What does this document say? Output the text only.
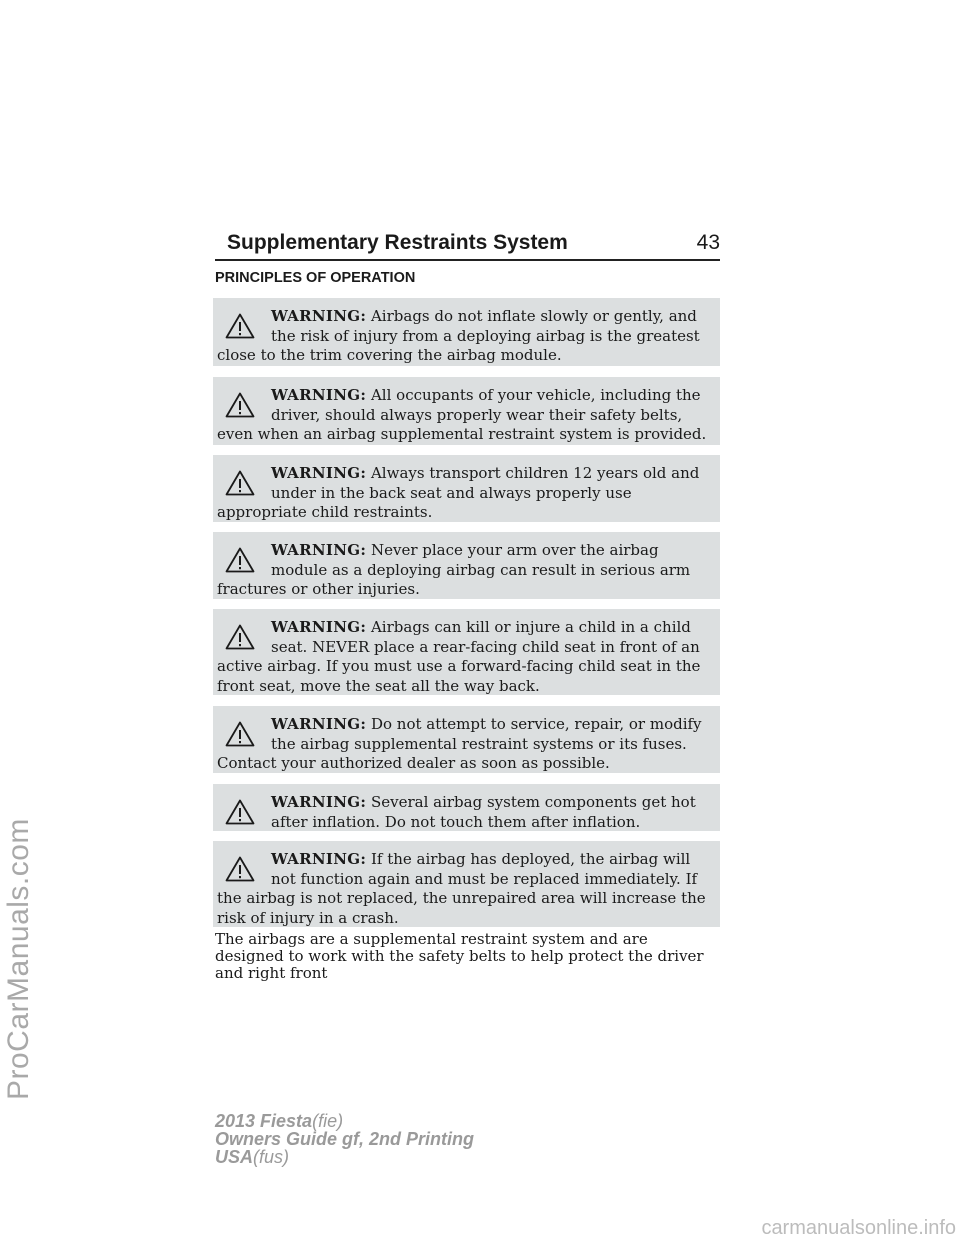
Supplementary Restraints System	43
PRINCIPLES OF OPERATION
WARNING: Airbags do not inflate slowly or gently, and the risk of injury from a deploying airbag is the greatest close to the trim covering the airbag module.
WARNING: All occupants of your vehicle, including the driver, should always properly wear their safety belts, even when an airbag supplemental restraint system is provided.
WARNING: Always transport children 12 years old and under in the back seat and always properly use appropriate child restraints.
WARNING: Never place your arm over the airbag module as a deploying airbag can result in serious arm fractures or other injuries.
WARNING: Airbags can kill or injure a child in a child seat. NEVER place a rear-facing child seat in front of an active airbag. If you must use a forward-facing child seat in the front seat, move the seat all the way back.
WARNING: Do not attempt to service, repair, or modify the airbag supplemental restraint systems or its fuses. Contact your authorized dealer as soon as possible.
WARNING: Several airbag system components get hot after inflation. Do not touch them after inflation.
WARNING: If the airbag has deployed, the airbag will not function again and must be replaced immediately. If the airbag is not replaced, the unrepaired area will increase the risk of injury in a crash.
The airbags are a supplemental restraint system and are designed to work with the safety belts to help protect the driver and right front
ProCarManuals.com
2013 Fiesta(fie)
Owners Guide gf, 2nd Printing
USA(fus)
carmanualsonline.info
